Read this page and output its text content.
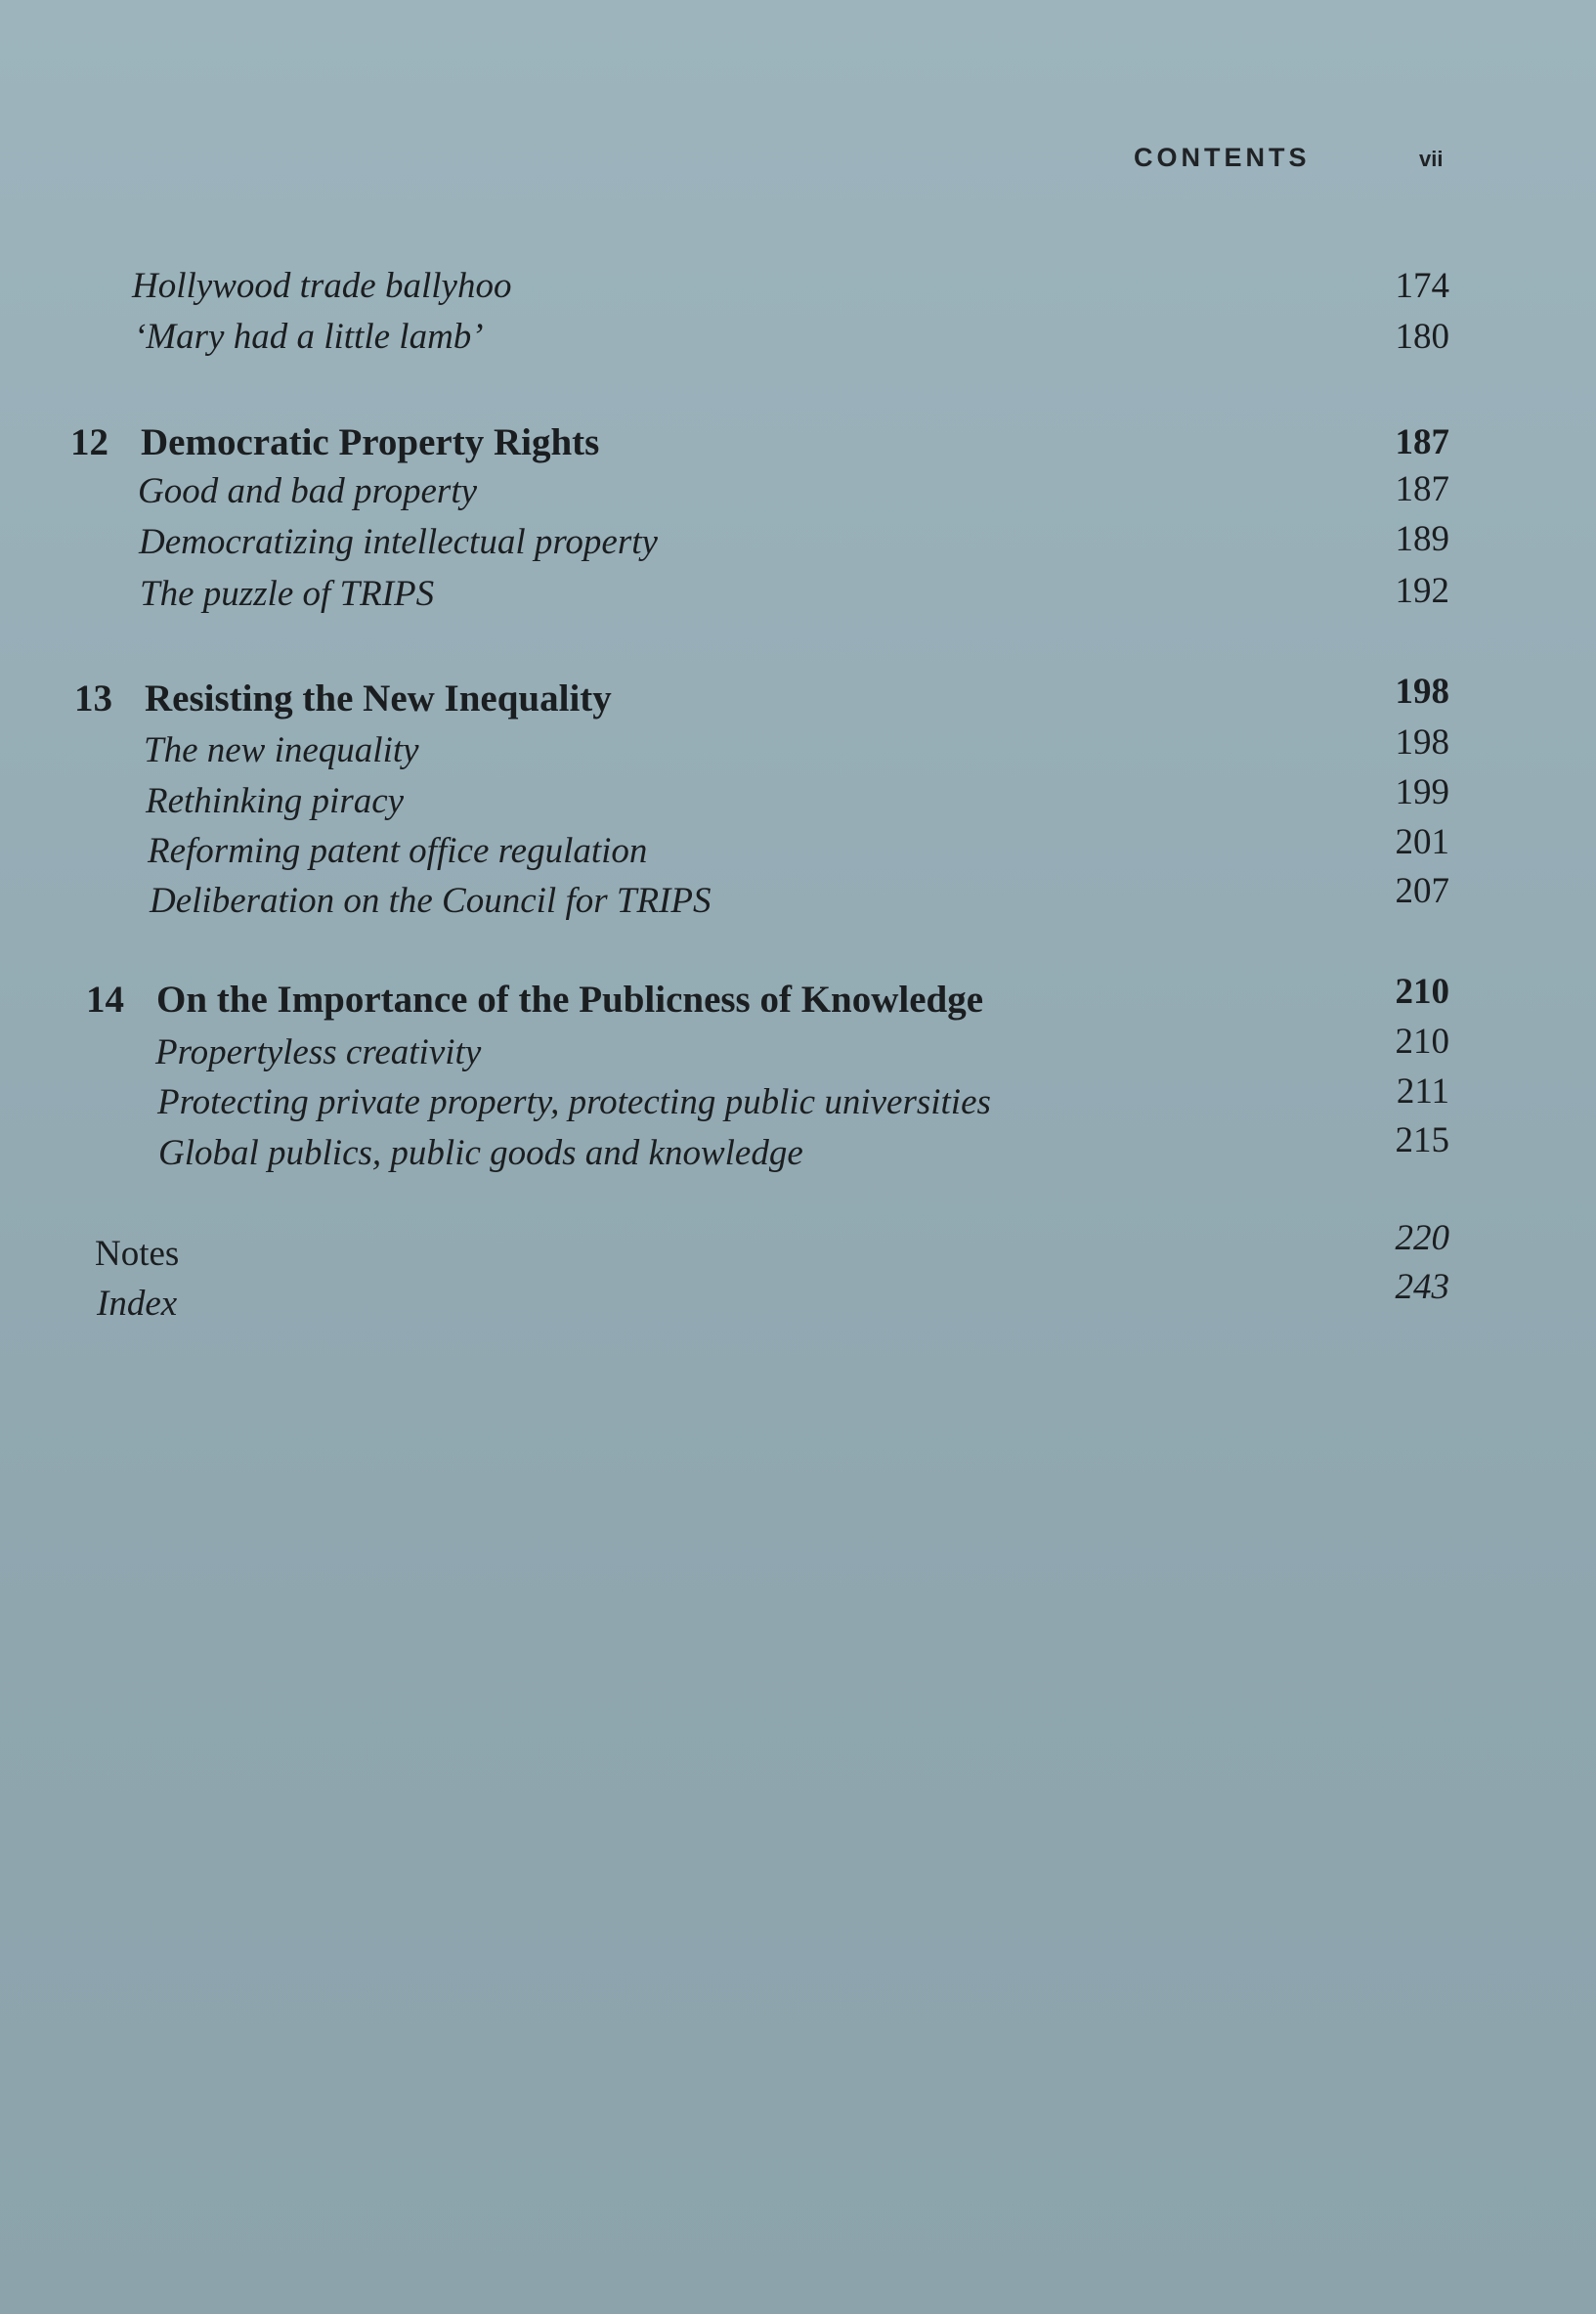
CONTENTS	vii
Hollywood trade ballyhoo	174
‘Mary had a little lamb’	180
12 Democratic Property Rights	187
Good and bad property	187
Democratizing intellectual property	189
The puzzle of TRIPS	192
13 Resisting the New Inequality	198
The new inequality	198
Rethinking piracy	199
Reforming patent office regulation	201
Deliberation on the Council for TRIPS	207
14 On the Importance of the Publicness of Knowledge	210
Propertyless creativity	210
Protecting private property, protecting public universities	211
Global publics, public goods and knowledge	215
Notes	220
Index	243
